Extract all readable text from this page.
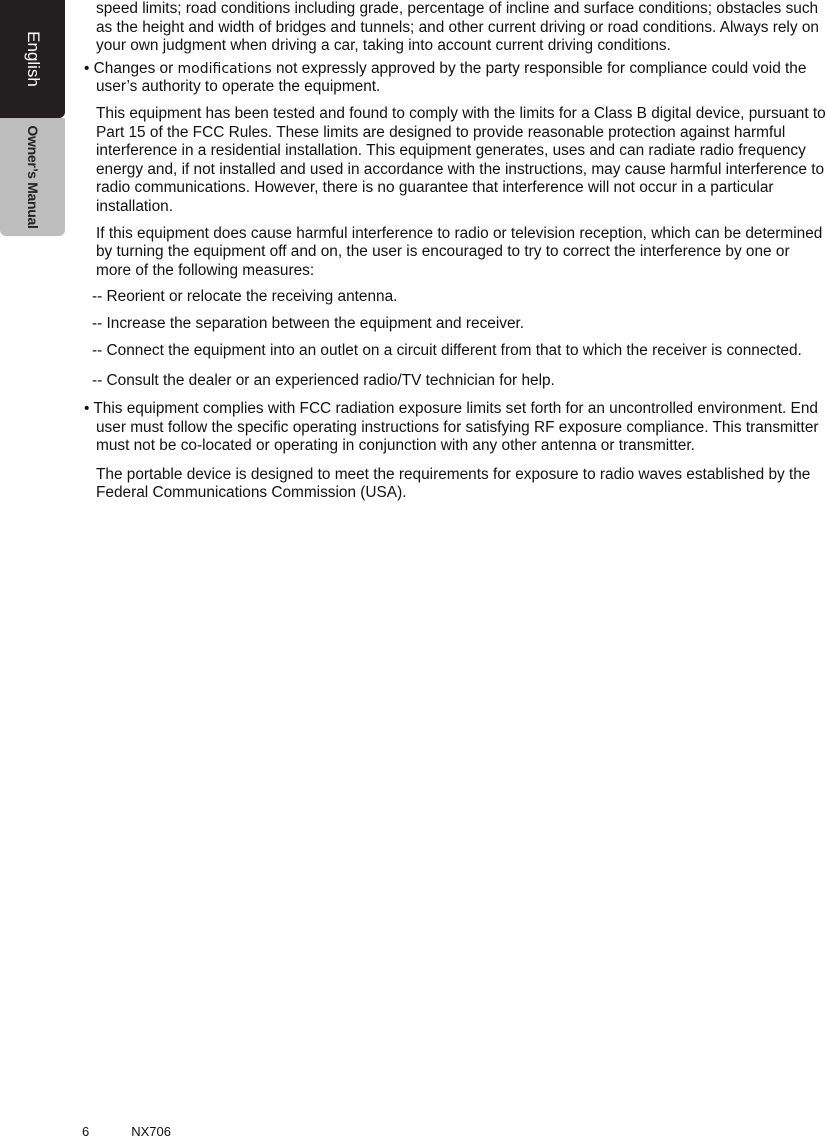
English
Owner’s Manual

speed limits; road conditions including grade, percentage of incline and surface conditions; obstacles such as the height and width of bridges and tunnels; and other current driving or road conditions. Always rely on your own judgment when driving a car, taking into account current driving conditions.

• Changes or modifications not expressly approved by the party responsible for compliance could void the user’s authority to operate the equipment.

This equipment has been tested and found to comply with the limits for a Class B digital device, pursuant to Part 15 of the FCC Rules. These limits are designed to provide reasonable protection against harmful interference in a residential installation. This equipment generates, uses and can radiate radio frequency energy and, if not installed and used in accordance with the instructions, may cause harmful interference to radio communications. However, there is no guarantee that interference will not occur in a particular installation.

If this equipment does cause harmful interference to radio or television reception, which can be determined by turning the equipment off and on, the user is encouraged to try to correct the interference by one or more of the following measures:

-- Reorient or relocate the receiving antenna.

-- Increase the separation between the equipment and receiver.

-- Connect the equipment into an outlet on a circuit different from that to which the receiver is connected.

-- Consult the dealer or an experienced radio/TV technician for help.

• This equipment complies with FCC radiation exposure limits set forth for an uncontrolled environment. End user must follow the specific operating instructions for satisfying RF exposure compliance. This transmitter must not be co-located or operating in conjunction with any other antenna or transmitter.

The portable device is designed to meet the requirements for exposure to radio waves established by the Federal Communications Commission (USA).

6	NX706
